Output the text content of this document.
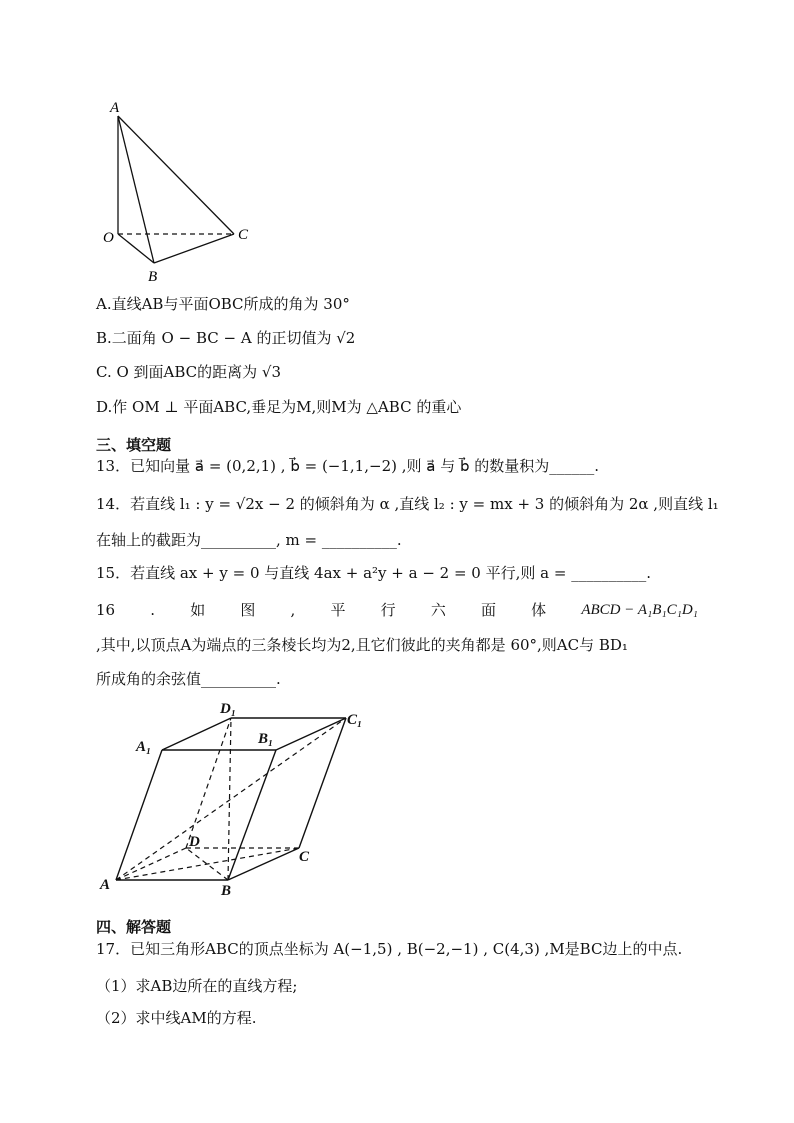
A
O
B
C
A.直线AB与平面OBC所成的角为 30°
B.二面角 O − BC − A 的正切值为 √2
C. O 到面ABC的距离为 √3
D.作 OM ⊥ 平面ABC,垂足为M,则M为 △ABC 的重心
三、填空题
13．已知向量 a⃗ = (0,2,1) , b⃗ = (−1,1,−2) ,则 a⃗ 与 b⃗ 的数量积为______.
14．若直线 l₁ : y = √2x − 2 的倾斜角为 α ,直线 l₂ : y = mx + 3 的倾斜角为 2α ,则直线 l₁
在轴上的截距为__________, m = __________.
15．若直线 ax + y = 0 与直线 4ax + a²y + a − 2 = 0 平行,则 a = __________.
16 . 如 图 , 平 行 六 面 体 ABCD − A₁B₁C₁D₁
,其中,以顶点A为端点的三条棱长均为2,且它们彼此的夹角都是 60°,则AC与 BD₁
所成角的余弦值__________.
D₁
C₁
A₁	B₁
D
C
A	B
四、解答题
17．已知三角形ABC的顶点坐标为 A(−1,5) , B(−2,−1) , C(4,3) ,M是BC边上的中点.
（1）求AB边所在的直线方程;
（2）求中线AM的方程.
